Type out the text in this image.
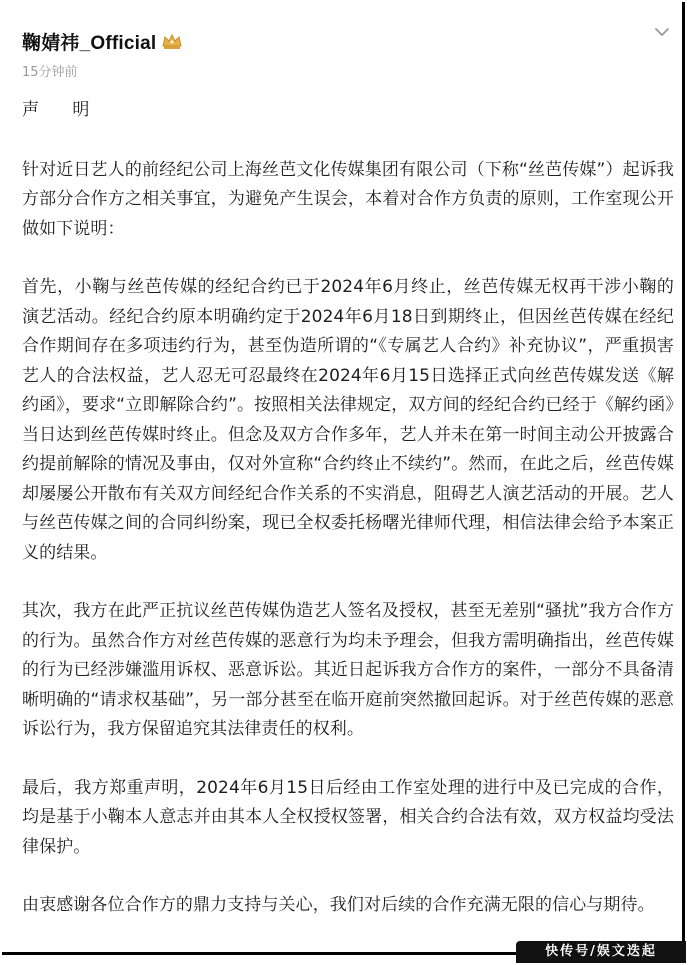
鞠婧祎_Official
15分钟前
声 明

针对近日艺人的前经纪公司上海丝芭文化传媒集团有限公司（下称“丝芭传媒”）起诉我方部分合作方之相关事宜，为避免产生误会，本着对合作方负责的原则，工作室现公开做如下说明：

首先，小鞠与丝芭传媒的经纪合约已于2024年6月终止，丝芭传媒无权再干涉小鞠的演艺活动。经纪合约原本明确约定于2024年6月18日到期终止，但因丝芭传媒在经纪合作期间存在多项违约行为，甚至伪造所谓的“《专属艺人合约》补充协议”，严重损害艺人的合法权益，艺人忍无可忍最终在2024年6月15日选择正式向丝芭传媒发送《解约函》，要求“立即解除合约”。按照相关法律规定，双方间的经纪合约已经于《解约函》当日达到丝芭传媒时终止。但念及双方合作多年，艺人并未在第一时间主动公开披露合约提前解除的情况及事由，仅对外宣称“合约终止不续约”。然而，在此之后，丝芭传媒却屡屡公开散布有关双方间经纪合作关系的不实消息，阻碍艺人演艺活动的开展。艺人与丝芭传媒之间的合同纠纷案，现已全权委托杨曙光律师代理，相信法律会给予本案正义的结果。

其次，我方在此严正抗议丝芭传媒伪造艺人签名及授权，甚至无差别“骚扰”我方合作方的行为。虽然合作方对丝芭传媒的恶意行为均未予理会，但我方需明确指出，丝芭传媒的行为已经涉嫌滥用诉权、恶意诉讼。其近日起诉我方合作方的案件，一部分不具备清晰明确的“请求权基础”，另一部分甚至在临开庭前突然撤回起诉。对于丝芭传媒的恶意诉讼行为，我方保留追究其法律责任的权利。

最后，我方郑重声明，2024年6月15日后经由工作室处理的进行中及已完成的合作，均是基于小鞠本人意志并由其本人全权授权签署，相关合约合法有效，双方权益均受法律保护。

由衷感谢各位合作方的鼎力支持与关心，我们对后续的合作充满无限的信心与期待。

快传号/娱文迭起
